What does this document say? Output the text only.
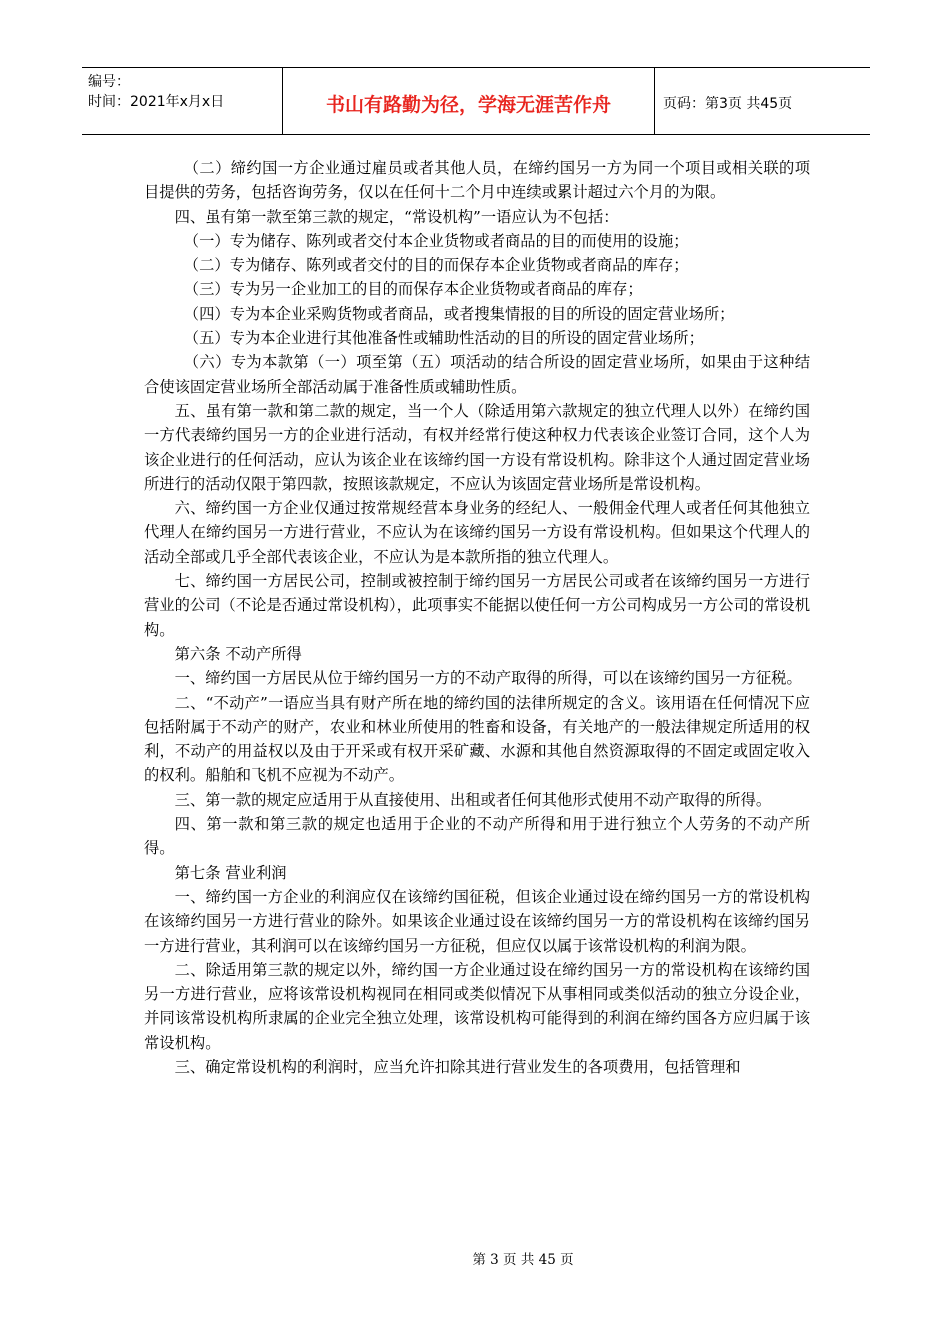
编号：
时间：2021年x月x日	书山有路勤为径，学海无涯苦作舟	页码：第3页 共45页

（二）缔约国一方企业通过雇员或者其他人员，在缔约国另一方为同一个项目或相关联的项目提供的劳务，包括咨询劳务，仅以在任何十二个月中连续或累计超过六个月的为限。

四、虽有第一款至第三款的规定，“常设机构”一语应认为不包括：

（一）专为储存、陈列或者交付本企业货物或者商品的目的而使用的设施；

（二）专为储存、陈列或者交付的目的而保存本企业货物或者商品的库存；

（三）专为另一企业加工的目的而保存本企业货物或者商品的库存；

（四）专为本企业采购货物或者商品，或者搜集情报的目的所设的固定营业场所；

（五）专为本企业进行其他准备性或辅助性活动的目的所设的固定营业场所；

（六）专为本款第（一）项至第（五）项活动的结合所设的固定营业场所，如果由于这种结合使该固定营业场所全部活动属于准备性质或辅助性质。

五、虽有第一款和第二款的规定，当一个人（除适用第六款规定的独立代理人以外）在缔约国一方代表缔约国另一方的企业进行活动，有权并经常行使这种权力代表该企业签订合同，这个人为该企业进行的任何活动，应认为该企业在该缔约国一方设有常设机构。除非这个人通过固定营业场所进行的活动仅限于第四款，按照该款规定，不应认为该固定营业场所是常设机构。

六、缔约国一方企业仅通过按常规经营本身业务的经纪人、一般佣金代理人或者任何其他独立代理人在缔约国另一方进行营业，不应认为在该缔约国另一方设有常设机构。但如果这个代理人的活动全部或几乎全部代表该企业，不应认为是本款所指的独立代理人。

七、缔约国一方居民公司，控制或被控制于缔约国另一方居民公司或者在该缔约国另一方进行营业的公司（不论是否通过常设机构），此项事实不能据以使任何一方公司构成另一方公司的常设机构。

第六条 不动产所得

一、缔约国一方居民从位于缔约国另一方的不动产取得的所得，可以在该缔约国另一方征税。

二、“不动产”一语应当具有财产所在地的缔约国的法律所规定的含义。该用语在任何情况下应包括附属于不动产的财产，农业和林业所使用的牲畜和设备，有关地产的一般法律规定所适用的权利，不动产的用益权以及由于开采或有权开采矿藏、水源和其他自然资源取得的不固定或固定收入的权利。船舶和飞机不应视为不动产。

三、第一款的规定应适用于从直接使用、出租或者任何其他形式使用不动产取得的所得。

四、第一款和第三款的规定也适用于企业的不动产所得和用于进行独立个人劳务的不动产所得。

第七条 营业利润

一、缔约国一方企业的利润应仅在该缔约国征税，但该企业通过设在缔约国另一方的常设机构在该缔约国另一方进行营业的除外。如果该企业通过设在该缔约国另一方的常设机构在该缔约国另一方进行营业，其利润可以在该缔约国另一方征税，但应仅以属于该常设机构的利润为限。

二、除适用第三款的规定以外，缔约国一方企业通过设在缔约国另一方的常设机构在该缔约国另一方进行营业，应将该常设机构视同在相同或类似情况下从事相同或类似活动的独立分设企业，并同该常设机构所隶属的企业完全独立处理，该常设机构可能得到的利润在缔约国各方应归属于该常设机构。

三、确定常设机构的利润时，应当允许扣除其进行营业发生的各项费用，包括管理和

第 3 页 共 45 页
